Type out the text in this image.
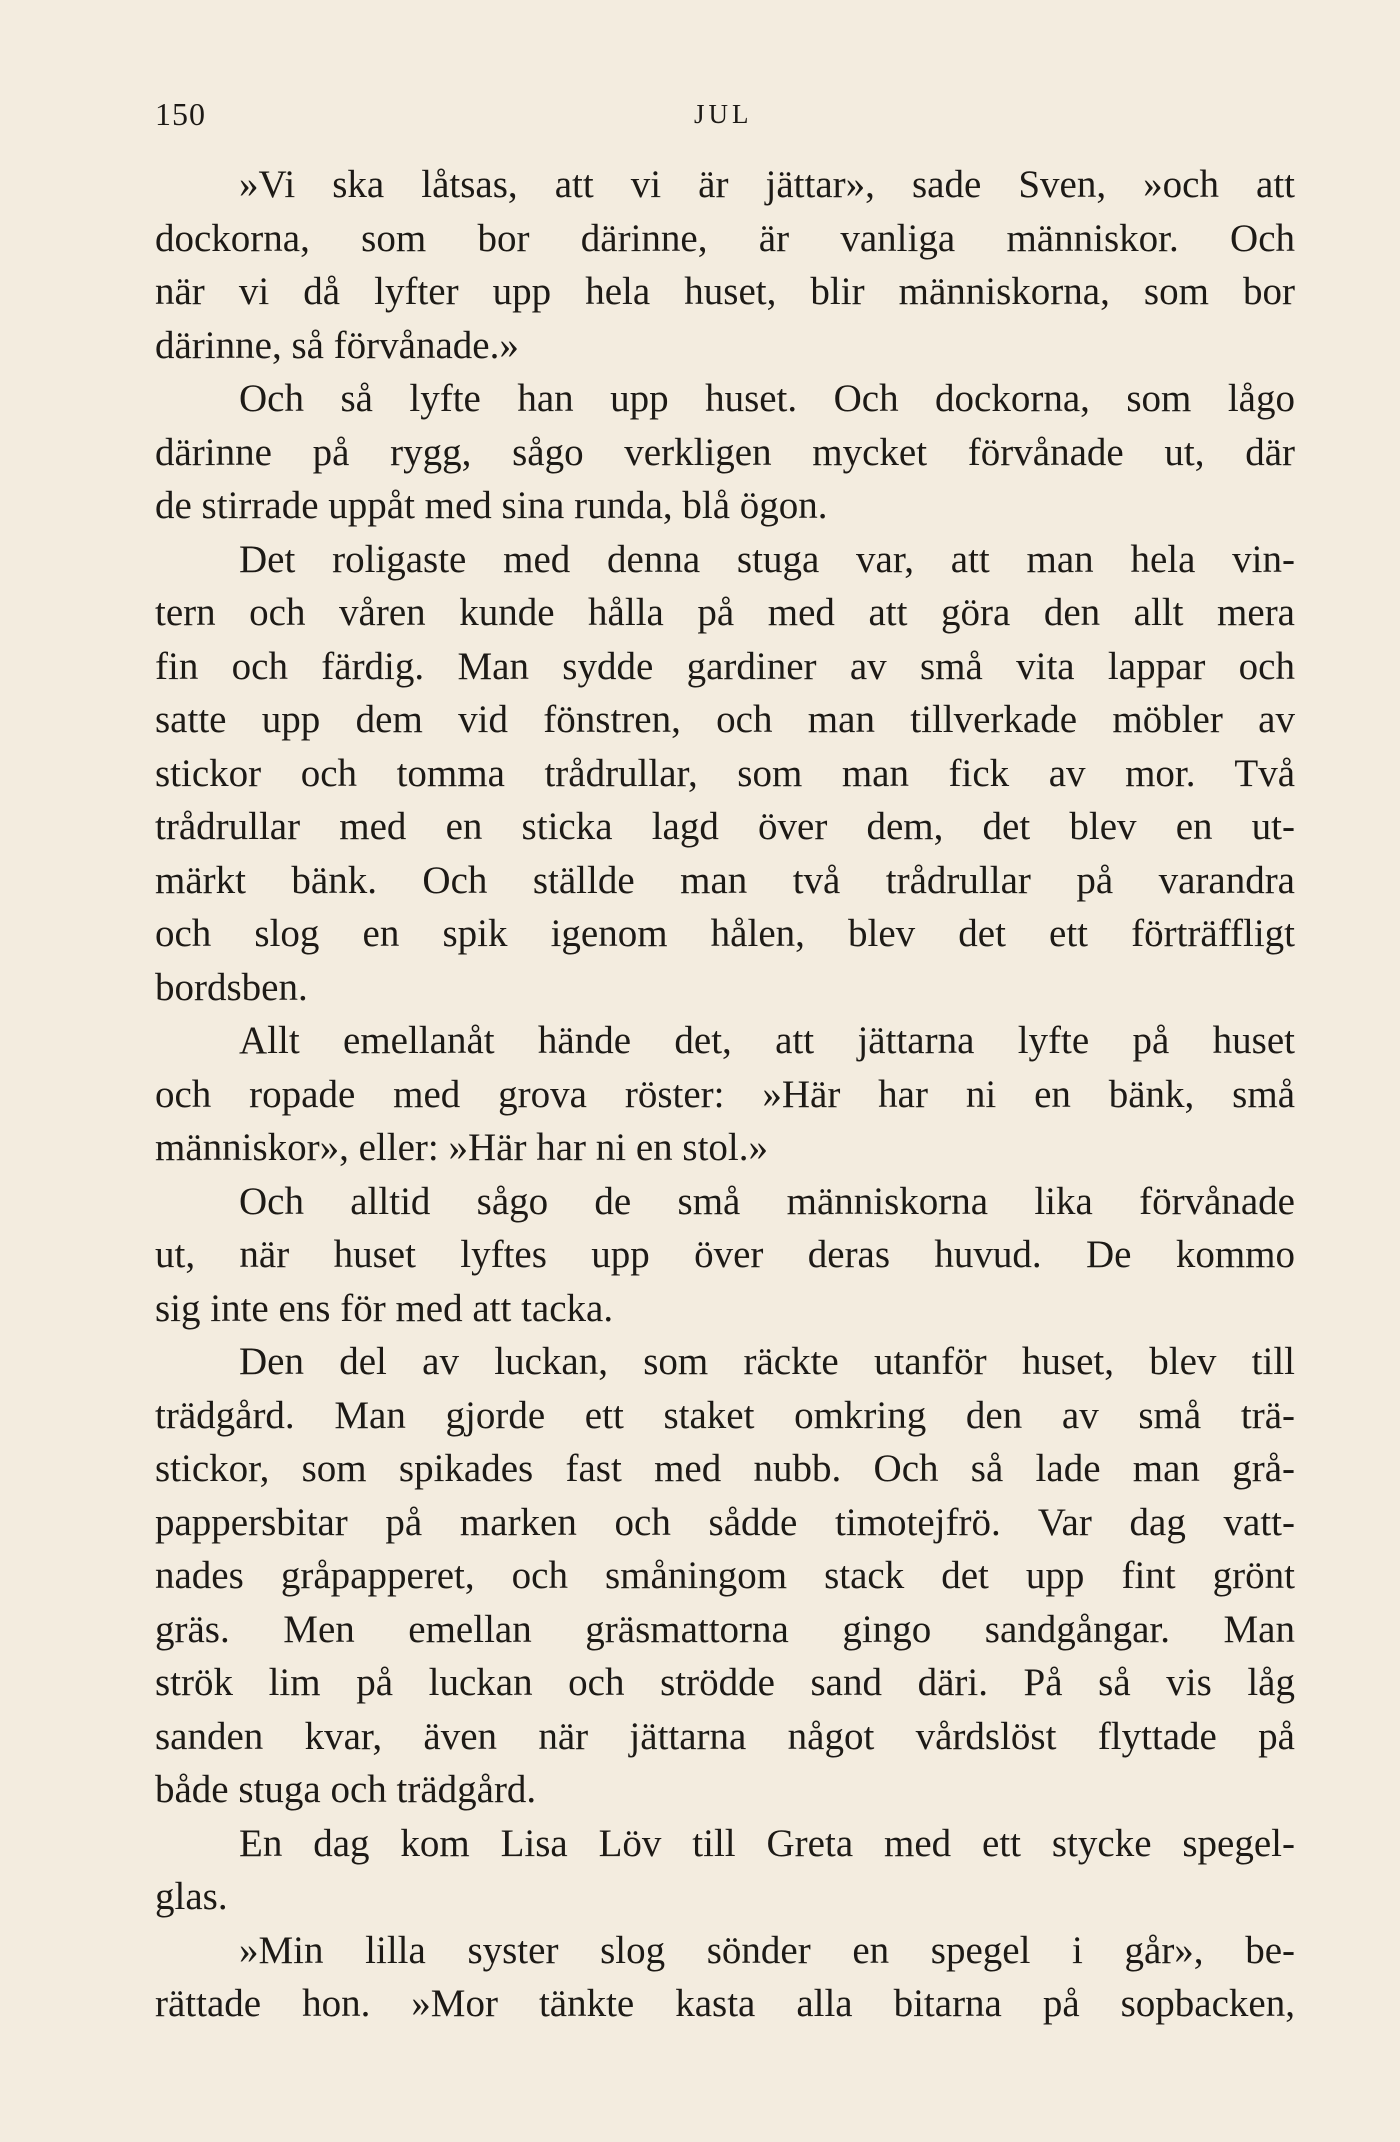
150	JUL
»Vi ska låtsas, att vi är jättar», sade Sven, »och att
dockorna, som bor därinne, är vanliga människor. Och
när vi då lyfter upp hela huset, blir människorna, som bor
därinne, så förvånade.»
Och så lyfte han upp huset. Och dockorna, som lågo
därinne på rygg, sågo verkligen mycket förvånade ut, där
de stirrade uppåt med sina runda, blå ögon.
Det roligaste med denna stuga var, att man hela vin-
tern och våren kunde hålla på med att göra den allt mera
fin och färdig. Man sydde gardiner av små vita lappar och
satte upp dem vid fönstren, och man tillverkade möbler av
stickor och tomma trådrullar, som man fick av mor. Två
trådrullar med en sticka lagd över dem, det blev en ut-
märkt bänk. Och ställde man två trådrullar på varandra
och slog en spik igenom hålen, blev det ett förträffligt
bordsben.
Allt emellanåt hände det, att jättarna lyfte på huset
och ropade med grova röster: »Här har ni en bänk, små
människor», eller: »Här har ni en stol.»
Och alltid sågo de små människorna lika förvånade
ut, när huset lyftes upp över deras huvud. De kommo
sig inte ens för med att tacka.
Den del av luckan, som räckte utanför huset, blev till
trädgård. Man gjorde ett staket omkring den av små trä-
stickor, som spikades fast med nubb. Och så lade man grå-
pappersbitar på marken och sådde timotejfrö. Var dag vatt-
nades gråpapperet, och småningom stack det upp fint grönt
gräs. Men emellan gräsmattorna gingo sandgångar. Man
strök lim på luckan och strödde sand däri. På så vis låg
sanden kvar, även när jättarna något vårdslöst flyttade på
både stuga och trädgård.
En dag kom Lisa Löv till Greta med ett stycke spegel-
glas.
»Min lilla syster slog sönder en spegel i går», be-
rättade hon. »Mor tänkte kasta alla bitarna på sopbacken,
